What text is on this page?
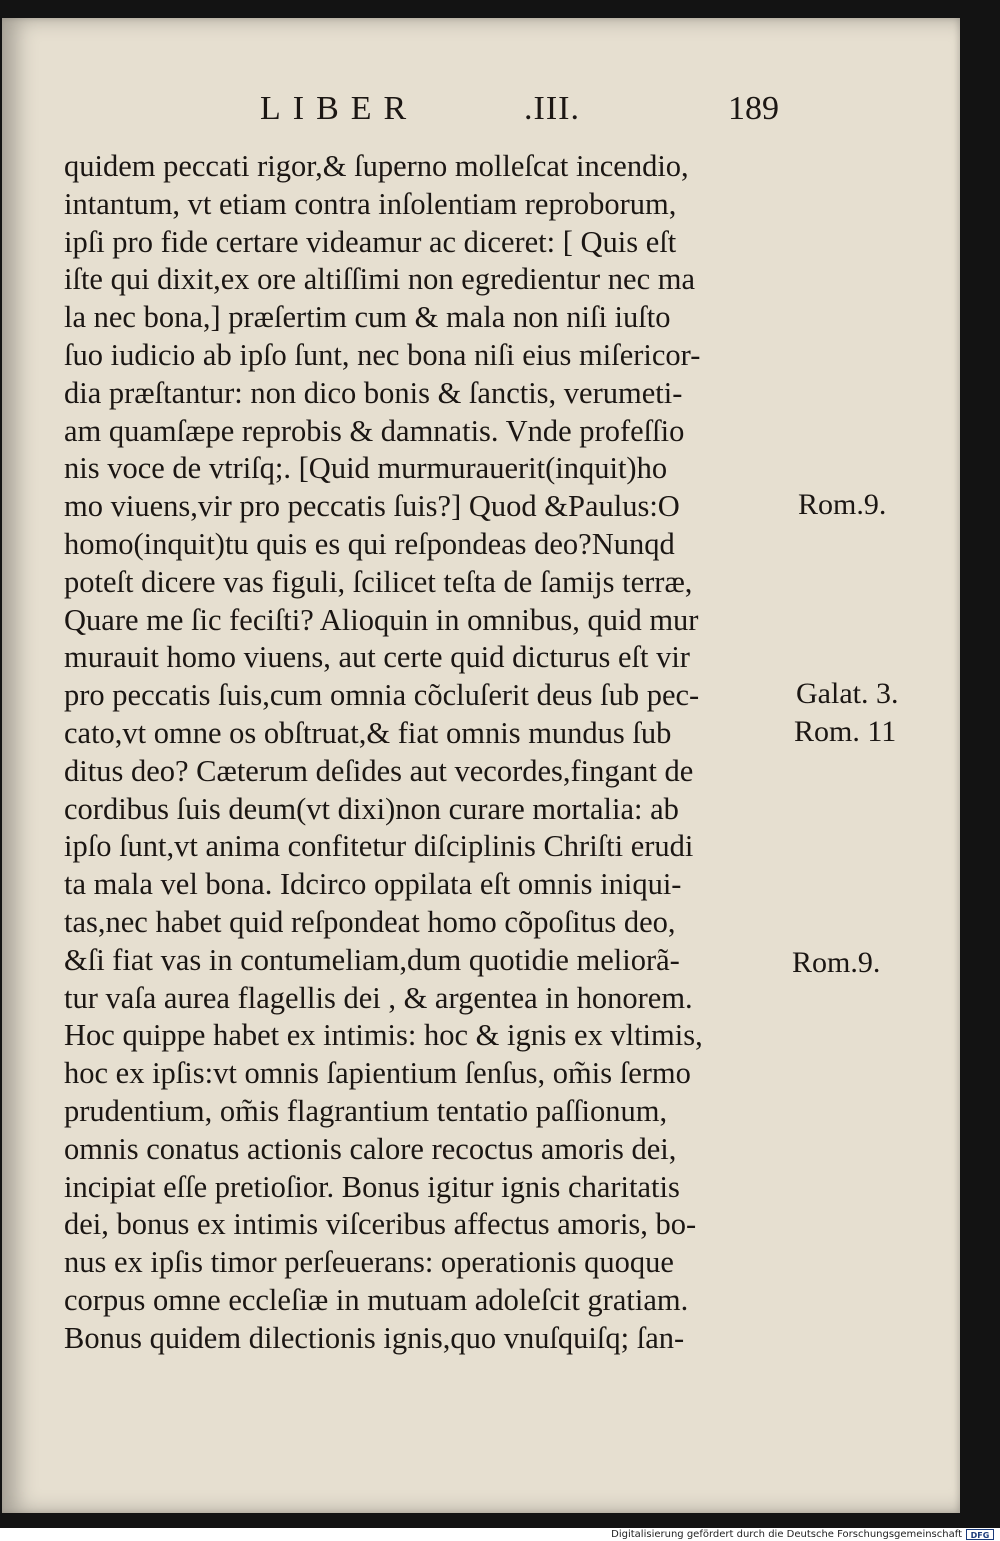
LIBER	.III.	189
quidem peccati rigor,& ſuperno molleſcat incendio,
intantum, vt etiam contra inſolentiam reproborum,
ipſi pro fide certare videamur ac diceret: [ Quis eſt
iſte qui dixit,ex ore altiſſimi non egredientur nec ma
la nec bona,] præſertim cum & mala non niſi iuſto
ſuo iudicio ab ipſo ſunt, nec bona niſi eius miſericor-
dia præſtantur: non dico bonis & ſanctis, verumeti-
am quamſæpe reprobis & damnatis. Vnde profeſſio
nis voce de vtriſq;. [Quid murmurauerit(inquit)ho
mo viuens,vir pro peccatis ſuis?] Quod &Paulus:O
homo(inquit)tu quis es qui reſpondeas deo?Nunqd
poteſt dicere vas figuli, ſcilicet teſta de ſamijs terræ,
Quare me ſic feciſti? Alioquin in omnibus, quid mur
murauit homo viuens, aut certe quid dicturus eſt vir
pro peccatis ſuis,cum omnia cõcluſerit deus ſub pec-
cato,vt omne os obſtruat,& fiat omnis mundus ſub
ditus deo? Cæterum deſides aut vecordes,fingant de
cordibus ſuis deum(vt dixi)non curare mortalia: ab
ipſo ſunt,vt anima confitetur diſciplinis Chriſti erudi
ta mala vel bona. Idcirco oppilata eſt omnis iniqui-
tas,nec habet quid reſpondeat homo cõpoſitus deo,
&ſi fiat vas in contumeliam,dum quotidie meliorã-
tur vaſa aurea flagellis dei , & argentea in honorem.
Hoc quippe habet ex intimis: hoc & ignis ex vltimis,
hoc ex ipſis:vt omnis ſapientium ſenſus, om̃is ſermo
prudentium, om̃is flagrantium tentatio paſſionum,
omnis conatus actionis calore recoctus amoris dei,
incipiat eſſe pretioſior. Bonus igitur ignis charitatis
dei, bonus ex intimis viſceribus affectus amoris, bo-
nus ex ipſis timor perſeuerans: operationis quoque
corpus omne eccleſiæ in mutuam adoleſcit gratiam.
Bonus quidem dilectionis ignis,quo vnuſquiſq; ſan-
Rom.9.
Galat. 3.
Rom. 11
Rom.9.
Digitalisierung gefördert durch die Deutsche Forschungsgemeinschaft	DFG
